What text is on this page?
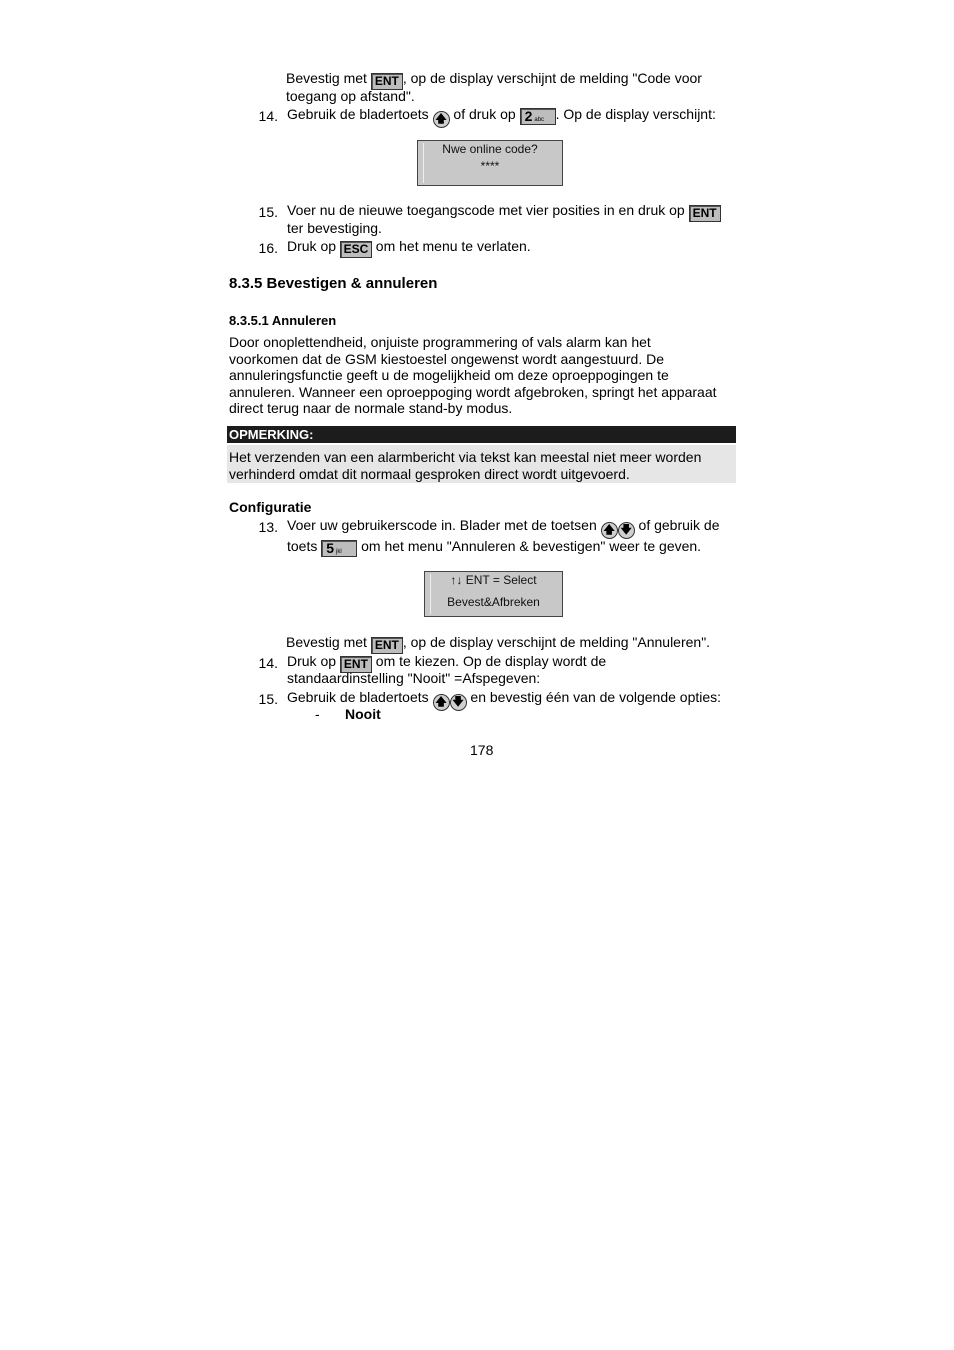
Bevestig met ENT , op de display verschijnt de melding "Code voor
toegang op afstand".
14. Gebruik de bladertoets 🡅 of druk op 2 abc . Op de display verschijnt:
Nwe online code?
****
15. Voer nu de nieuwe toegangscode met vier posities in en druk op ENT
ter bevestiging.
16. Druk op ESC om het menu te verlaten.
8.3.5 Bevestigen & annuleren
8.3.5.1 Annuleren
Door onoplettendheid, onjuiste programmering of vals alarm kan het
voorkomen dat de GSM kiestoestel ongewenst wordt aangestuurd. De
annuleringsfunctie geeft u de mogelijkheid om deze oproeppogingen te
annuleren. Wanneer een oproeppoging wordt afgebroken, springt het apparaat
direct terug naar de normale stand-by modus.
OPMERKING:
Het verzenden van een alarmbericht via tekst kan meestal niet meer worden
verhinderd omdat dit normaal gesproken direct wordt uitgevoerd.
Configuratie
13. Voer uw gebruikerscode in. Blader met de toetsen 🡅 🡇 of gebruik de
toets 5 jkl om het menu "Annuleren & bevestigen" weer te geven.
↑↓ ENT = Select
Bevest&Afbreken
Bevestig met ENT , op de display verschijnt de melding "Annuleren".
14. Druk op ENT om te kiezen. Op de display wordt de
standaardinstelling "Nooit" =Afspegeven:
15. Gebruik de bladertoets 🡅 🡇 en bevestig één van de volgende opties:
- Nooit
178
